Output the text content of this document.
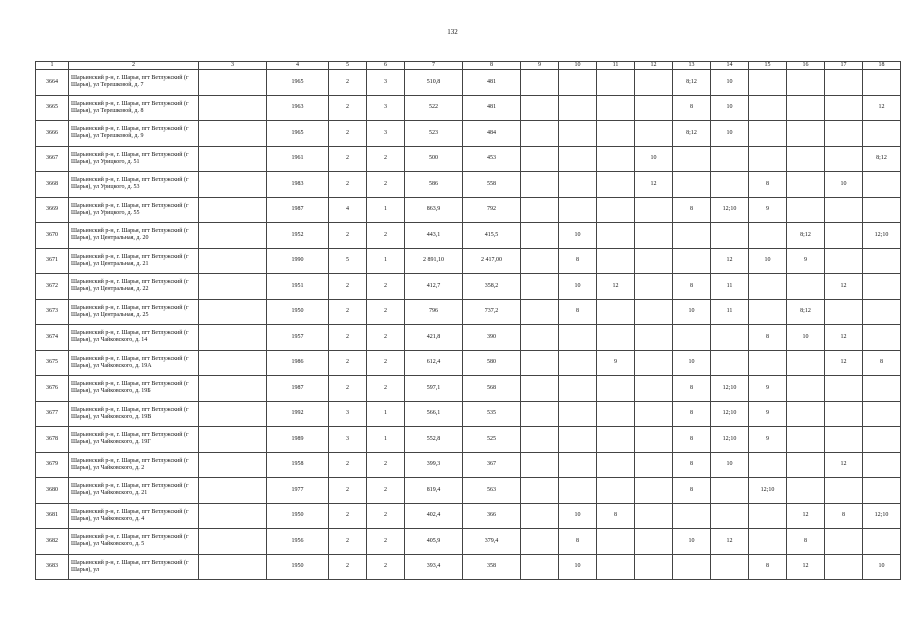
132
1	2	3	4	5	6	7	8	9	10	11	12	13	14	15	16	17	18
3664	Шарьинский р-н, г. Шарья, пгт Ветлужский (г Шарья), ул Терешковой, д. 7		1965	2	3	510,8	481					8;12	10				
3665	Шарьинский р-н, г. Шарья, пгт Ветлужский (г Шарья), ул Терешковой, д. 8		1963	2	3	522	481					8	10				12
3666	Шарьинский р-н, г. Шарья, пгт Ветлужский (г Шарья), ул Терешковой, д. 9		1965	2	3	523	484					8;12	10				
3667	Шарьинский р-н, г. Шарья, пгт Ветлужский (г Шарья), ул Урицкого, д. 51		1961	2	2	500	453				10						8;12
3668	Шарьинский р-н, г. Шарья, пгт Ветлужский (г Шарья), ул Урицкого, д. 53		1983	2	2	586	558				12			8		10	
3669	Шарьинский р-н, г. Шарья, пгт Ветлужский (г Шарья), ул Урицкого, д. 55		1987	4	1	863,9	792					8	12;10	9			
3670	Шарьинский р-н, г. Шарья, пгт Ветлужский (г Шарья), ул Центральная, д. 20		1952	2	2	443,1	415,5		10						8;12		12;10
3671	Шарьинский р-н, г. Шарья, пгт Ветлужский (г Шарья), ул Центральная, д. 21		1990	5	1	2 891,10	2 417,00		8				12	10	9		
3672	Шарьинский р-н, г. Шарья, пгт Ветлужский (г Шарья), ул Центральная, д. 22		1951	2	2	412,7	358,2		10	12		8	11			12	
3673	Шарьинский р-н, г. Шарья, пгт Ветлужский (г Шарья), ул Центральная, д. 25		1950	2	2	796	737,2		8			10	11		8;12		
3674	Шарьинский р-н, г. Шарья, пгт Ветлужский (г Шарья), ул Чайковского, д. 14		1957	2	2	421,8	390							8	10	12	
3675	Шарьинский р-н, г. Шарья, пгт Ветлужский (г Шарья), ул Чайковского, д. 19А		1986	2	2	612,4	580			9		10				12	8
3676	Шарьинский р-н, г. Шарья, пгт Ветлужский (г Шарья), ул Чайковского, д. 19Б		1987	2	2	597,1	568					8	12;10	9			
3677	Шарьинский р-н, г. Шарья, пгт Ветлужский (г Шарья), ул Чайковского, д. 19В		1992	3	1	566,1	535					8	12;10	9			
3678	Шарьинский р-н, г. Шарья, пгт Ветлужский (г Шарья), ул Чайковского, д. 19Г		1989	3	1	552,8	525					8	12;10	9			
3679	Шарьинский р-н, г. Шарья, пгт Ветлужский (г Шарья), ул Чайковского, д. 2		1958	2	2	399,3	367					8	10			12	
3680	Шарьинский р-н, г. Шарья, пгт Ветлужский (г Шарья), ул Чайковского, д. 21		1977	2	2	819,4	563					8		12;10			
3681	Шарьинский р-н, г. Шарья, пгт Ветлужский (г Шарья), ул Чайковского, д. 4		1950	2	2	402,4	366		10	8					12	8	12;10
3682	Шарьинский р-н, г. Шарья, пгт Ветлужский (г Шарья), ул Чайковского, д. 5		1956	2	2	405,9	379,4		8			10	12		8		
3683	Шарьинский р-н, г. Шарья, пгт Ветлужский (г Шарья), ул		1950	2	2	393,4	358		10					8	12		10
